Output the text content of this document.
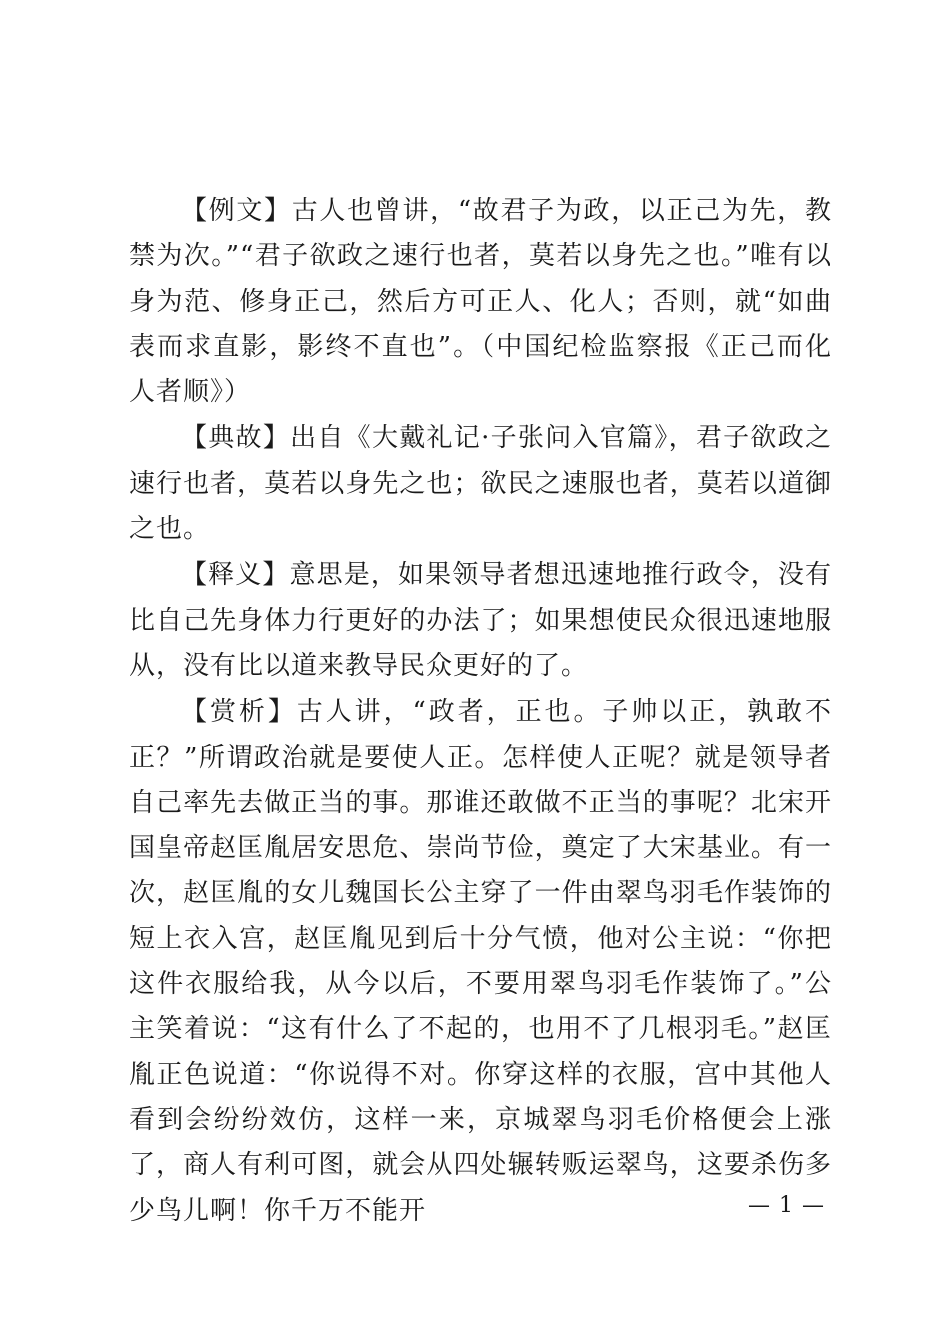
【例文】古人也曾讲，“故君子为政，以正己为先，教禁为次。”“君子欲政之速行也者，莫若以身先之也。”唯有以身为范、修身正己，然后方可正人、化人；否则，就“如曲表而求直影，影终不直也”。（中国纪检监察报《正己而化人者顺》）

【典故】出自《大戴礼记·子张问入官篇》，君子欲政之速行也者，莫若以身先之也；欲民之速服也者，莫若以道御之也。

【释义】意思是，如果领导者想迅速地推行政令，没有比自己先身体力行更好的办法了；如果想使民众很迅速地服从，没有比以道来教导民众更好的了。

【赏析】古人讲，“政者，正也。子帅以正，孰敢不正？”所谓政治就是要使人正。怎样使人正呢？就是领导者自己率先去做正当的事。那谁还敢做不正当的事呢？北宋开国皇帝赵匡胤居安思危、崇尚节俭，奠定了大宋基业。有一次，赵匡胤的女儿魏国长公主穿了一件由翠鸟羽毛作装饰的短上衣入宫，赵匡胤见到后十分气愤，他对公主说：“你把这件衣服给我，从今以后，不要用翠鸟羽毛作装饰了。”公主笑着说：“这有什么了不起的，也用不了几根羽毛。”赵匡胤正色说道：“你说得不对。你穿这样的衣服，宫中其他人看到会纷纷效仿，这样一来，京城翠鸟羽毛价格便会上涨了，商人有利可图，就会从四处辗转贩运翠鸟，这要杀伤多少鸟儿啊！你千万不能开	— 1 —
